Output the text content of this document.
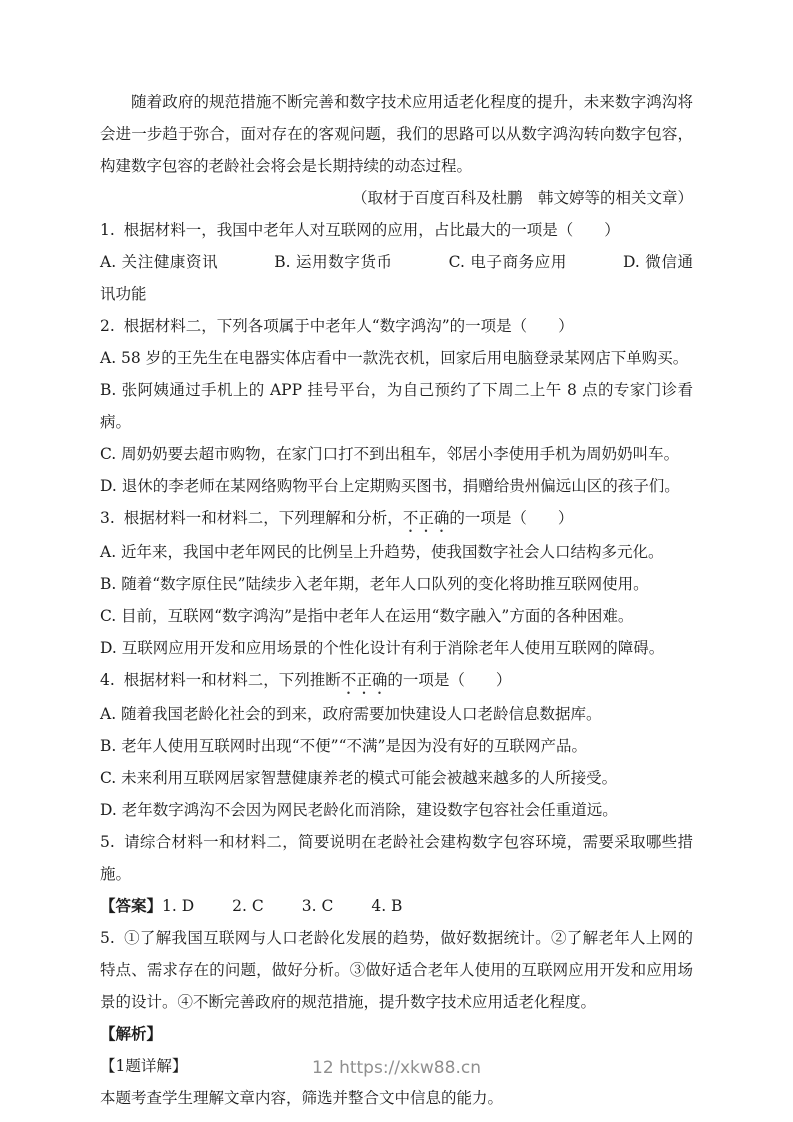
随着政府的规范措施不断完善和数字技术应用适老化程度的提升，未来数字鸿沟将会进一步趋于弥合，面对存在的客观问题，我们的思路可以从数字鸿沟转向数字包容，构建数字包容的老龄社会将会是长期持续的动态过程。

（取材于百度百科及杜鹏　韩文婷等的相关文章）

1. 根据材料一，我国中老年人对互联网的应用，占比最大的一项是（　　）

A. 关注健康资讯	B. 运用数字货币	C. 电子商务应用	D. 微信通讯功能

2. 根据材料二，下列各项属于中老年人“数字鸿沟”的一项是（　　）

A. 58 岁的王先生在电器实体店看中一款洗衣机，回家后用电脑登录某网店下单购买。

B. 张阿姨通过手机上的 APP 挂号平台，为自己预约了下周二上午 8 点的专家门诊看病。

C. 周奶奶要去超市购物，在家门口打不到出租车，邻居小李使用手机为周奶奶叫车。

D. 退休的李老师在某网络购物平台上定期购买图书，捐赠给贵州偏远山区的孩子们。

3. 根据材料一和材料二，下列理解和分析，不正确的一项是（　　）

A. 近年来，我国中老年网民的比例呈上升趋势，使我国数字社会人口结构多元化。

B. 随着“数字原住民”陆续步入老年期，老年人口队列的变化将助推互联网使用。

C. 目前，互联网“数字鸿沟”是指中老年人在运用“数字融入”方面的各种困难。

D. 互联网应用开发和应用场景的个性化设计有利于消除老年人使用互联网的障碍。

4. 根据材料一和材料二，下列推断不正确的一项是（　　）

A. 随着我国老龄化社会的到来，政府需要加快建设人口老龄信息数据库。

B. 老年人使用互联网时出现“不便”“不满”是因为没有好的互联网产品。

C. 未来利用互联网居家智慧健康养老的模式可能会被越来越多的人所接受。

D. 老年数字鸿沟不会因为网民老龄化而消除，建设数字包容社会任重道远。

5. 请综合材料一和材料二，简要说明在老龄社会建构数字包容环境，需要采取哪些措施。

【答案】1. D 2. C 3. C 4. B

5. ①了解我国互联网与人口老龄化发展的趋势，做好数据统计。②了解老年人上网的特点、需求存在的问题，做好分析。③做好适合老年人使用的互联网应用开发和应用场景的设计。④不断完善政府的规范措施，提升数字技术应用适老化程度。

【解析】

【1题详解】

本题考查学生理解文章内容，筛选并整合文中信息的能力。

12 https://xkw88.cn
